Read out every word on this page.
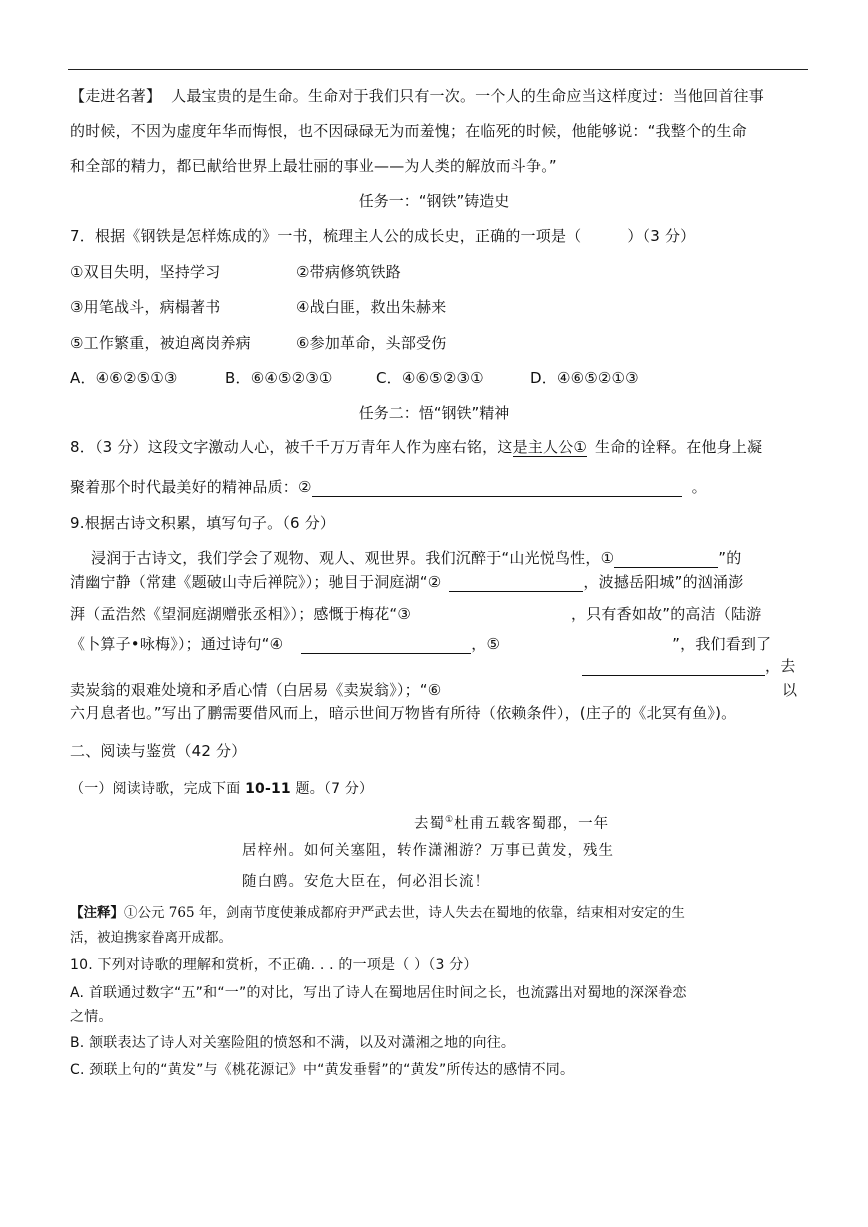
【走进名著】 人最宝贵的是生命。生命对于我们只有一次。一个人的生命应当这样度过：当他回首往事
的时候，不因为虚度年华而悔恨，也不因碌碌无为而羞愧；在临死的时候，他能够说：“我整个的生命
和全部的精力，都已献给世界上最壮丽的事业——为人类的解放而斗争。”
任务一：“钢铁”铸造史
7．根据《钢铁是怎样炼成的》一书，梳理主人公的成长史，正确的一项是（	）（3 分）
①双目失明，坚持学习	②带病修筑铁路
③用笔战斗，病榻著书	④战白匪，救出朱赫来
⑤工作繁重，被迫离岗养病	⑥参加革命，头部受伤
A．④⑥②⑤①③	B．⑥④⑤②③①	C．④⑥⑤②③①	D．④⑥⑤②①③
任务二：悟“钢铁”精神
8．（3 分）这段文字激动人心，被千千万万青年人作为座右铭，这是主人公① 生命的诠释。在他身上凝
聚着那个时代最美好的精神品质：②	。
9.根据古诗文积累，填写句子。（6 分）
浸润于古诗文，我们学会了观物、观人、观世界。我们沉醉于“山光悦鸟性，①	”的
清幽宁静（常建《题破山寺后禅院》）；驰目于洞庭湖“②	，波撼岳阳城”的汹涌澎
湃（孟浩然《望洞庭湖赠张丞相》）；感慨于梅花“③	，只有香如故”的高洁（陆游
《卜算子•咏梅》）；通过诗句“④	，⑤	”，我们看到了
，去
卖炭翁的艰难处境和矛盾心情（白居易《卖炭翁》）；“⑥	以
六月息者也。”写出了鹏需要借风而上，暗示世间万物皆有所待（依赖条件），(庄子的《北冥有鱼》)。
二、阅读与鉴赏（42 分）
（一）阅读诗歌，完成下面 10-11 题。（7 分）
去蜀①杜甫五载客蜀郡，一年
居梓州。如何关塞阻，转作潇湘游？万事已黄发，残生
随白鸥。安危大臣在，何必泪长流！
【注释】①公元 765 年，剑南节度使兼成都府尹严武去世，诗人失去在蜀地的依靠，结束相对安定的生
活，被迫携家眷离开成都。
10. 下列对诗歌的理解和赏析，不正确. . . 的一项是（ ）（3 分）
A. 首联通过数字“五”和“一”的对比，写出了诗人在蜀地居住时间之长，也流露出对蜀地的深深眷恋
之情。
B. 颔联表达了诗人对关塞险阻的愤怒和不满，以及对潇湘之地的向往。
C. 颈联上句的“黄发”与《桃花源记》中“黄发垂髫”的“黄发”所传达的感情不同。
